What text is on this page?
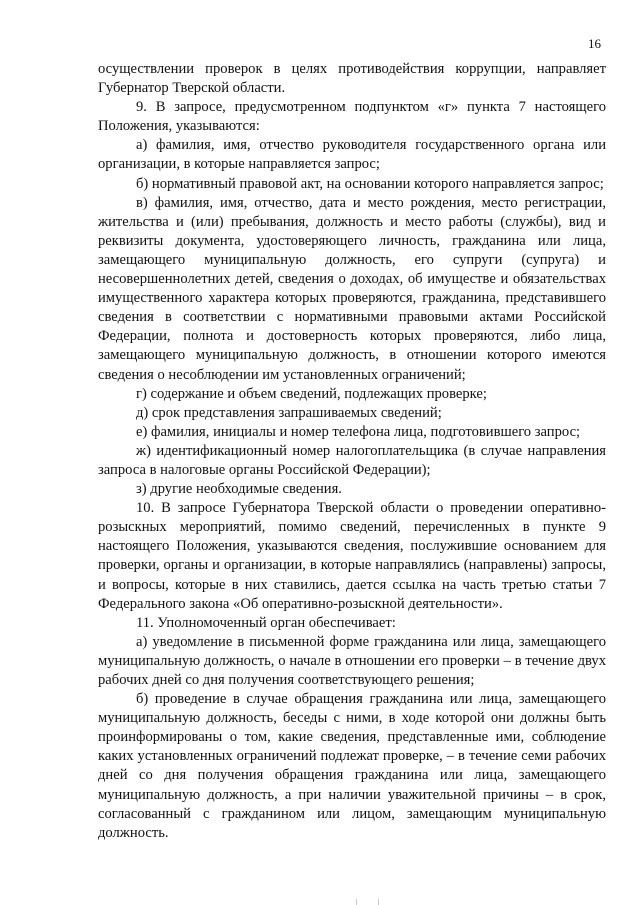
16

осуществлении проверок в целях противодействия коррупции, направляет Губернатор Тверской области.

9. В запросе, предусмотренном подпунктом «г» пункта 7 настоящего Положения, указываются:

а) фамилия, имя, отчество руководителя государственного органа или организации, в которые направляется запрос;

б) нормативный правовой акт, на основании которого направляется запрос;

в) фамилия, имя, отчество, дата и место рождения, место регистрации, жительства и (или) пребывания, должность и место работы (службы), вид и реквизиты документа, удостоверяющего личность, гражданина или лица, замещающего муниципальную должность, его супруги (супруга) и несовершеннолетних детей, сведения о доходах, об имуществе и обязательствах имущественного характера которых проверяются, гражданина, представившего сведения в соответствии с нормативными правовыми актами Российской Федерации, полнота и достоверность которых проверяются, либо лица, замещающего муниципальную должность, в отношении которого имеются сведения о несоблюдении им установленных ограничений;

г) содержание и объем сведений, подлежащих проверке;

д) срок представления запрашиваемых сведений;

е) фамилия, инициалы и номер телефона лица, подготовившего запрос;

ж) идентификационный номер налогоплательщика (в случае направления запроса в налоговые органы Российской Федерации);

з) другие необходимые сведения.

10. В запросе Губернатора Тверской области о проведении оперативно-розыскных мероприятий, помимо сведений, перечисленных в пункте 9 настоящего Положения, указываются сведения, послужившие основанием для проверки, органы и организации, в которые направлялись (направлены) запросы, и вопросы, которые в них ставились, дается ссылка на часть третью статьи 7 Федерального закона «Об оперативно-розыскной деятельности».

11. Уполномоченный орган обеспечивает:

а) уведомление в письменной форме гражданина или лица, замещающего муниципальную должность, о начале в отношении его проверки – в течение двух рабочих дней со дня получения соответствующего решения;

б) проведение в случае обращения гражданина или лица, замещающего муниципальную должность, беседы с ними, в ходе которой они должны быть проинформированы о том, какие сведения, представленные ими, соблюдение каких установленных ограничений подлежат проверке, – в течение семи рабочих дней со дня получения обращения гражданина или лица, замещающего муниципальную должность, а при наличии уважительной причины – в срок, согласованный с гражданином или лицом, замещающим муниципальную должность.
